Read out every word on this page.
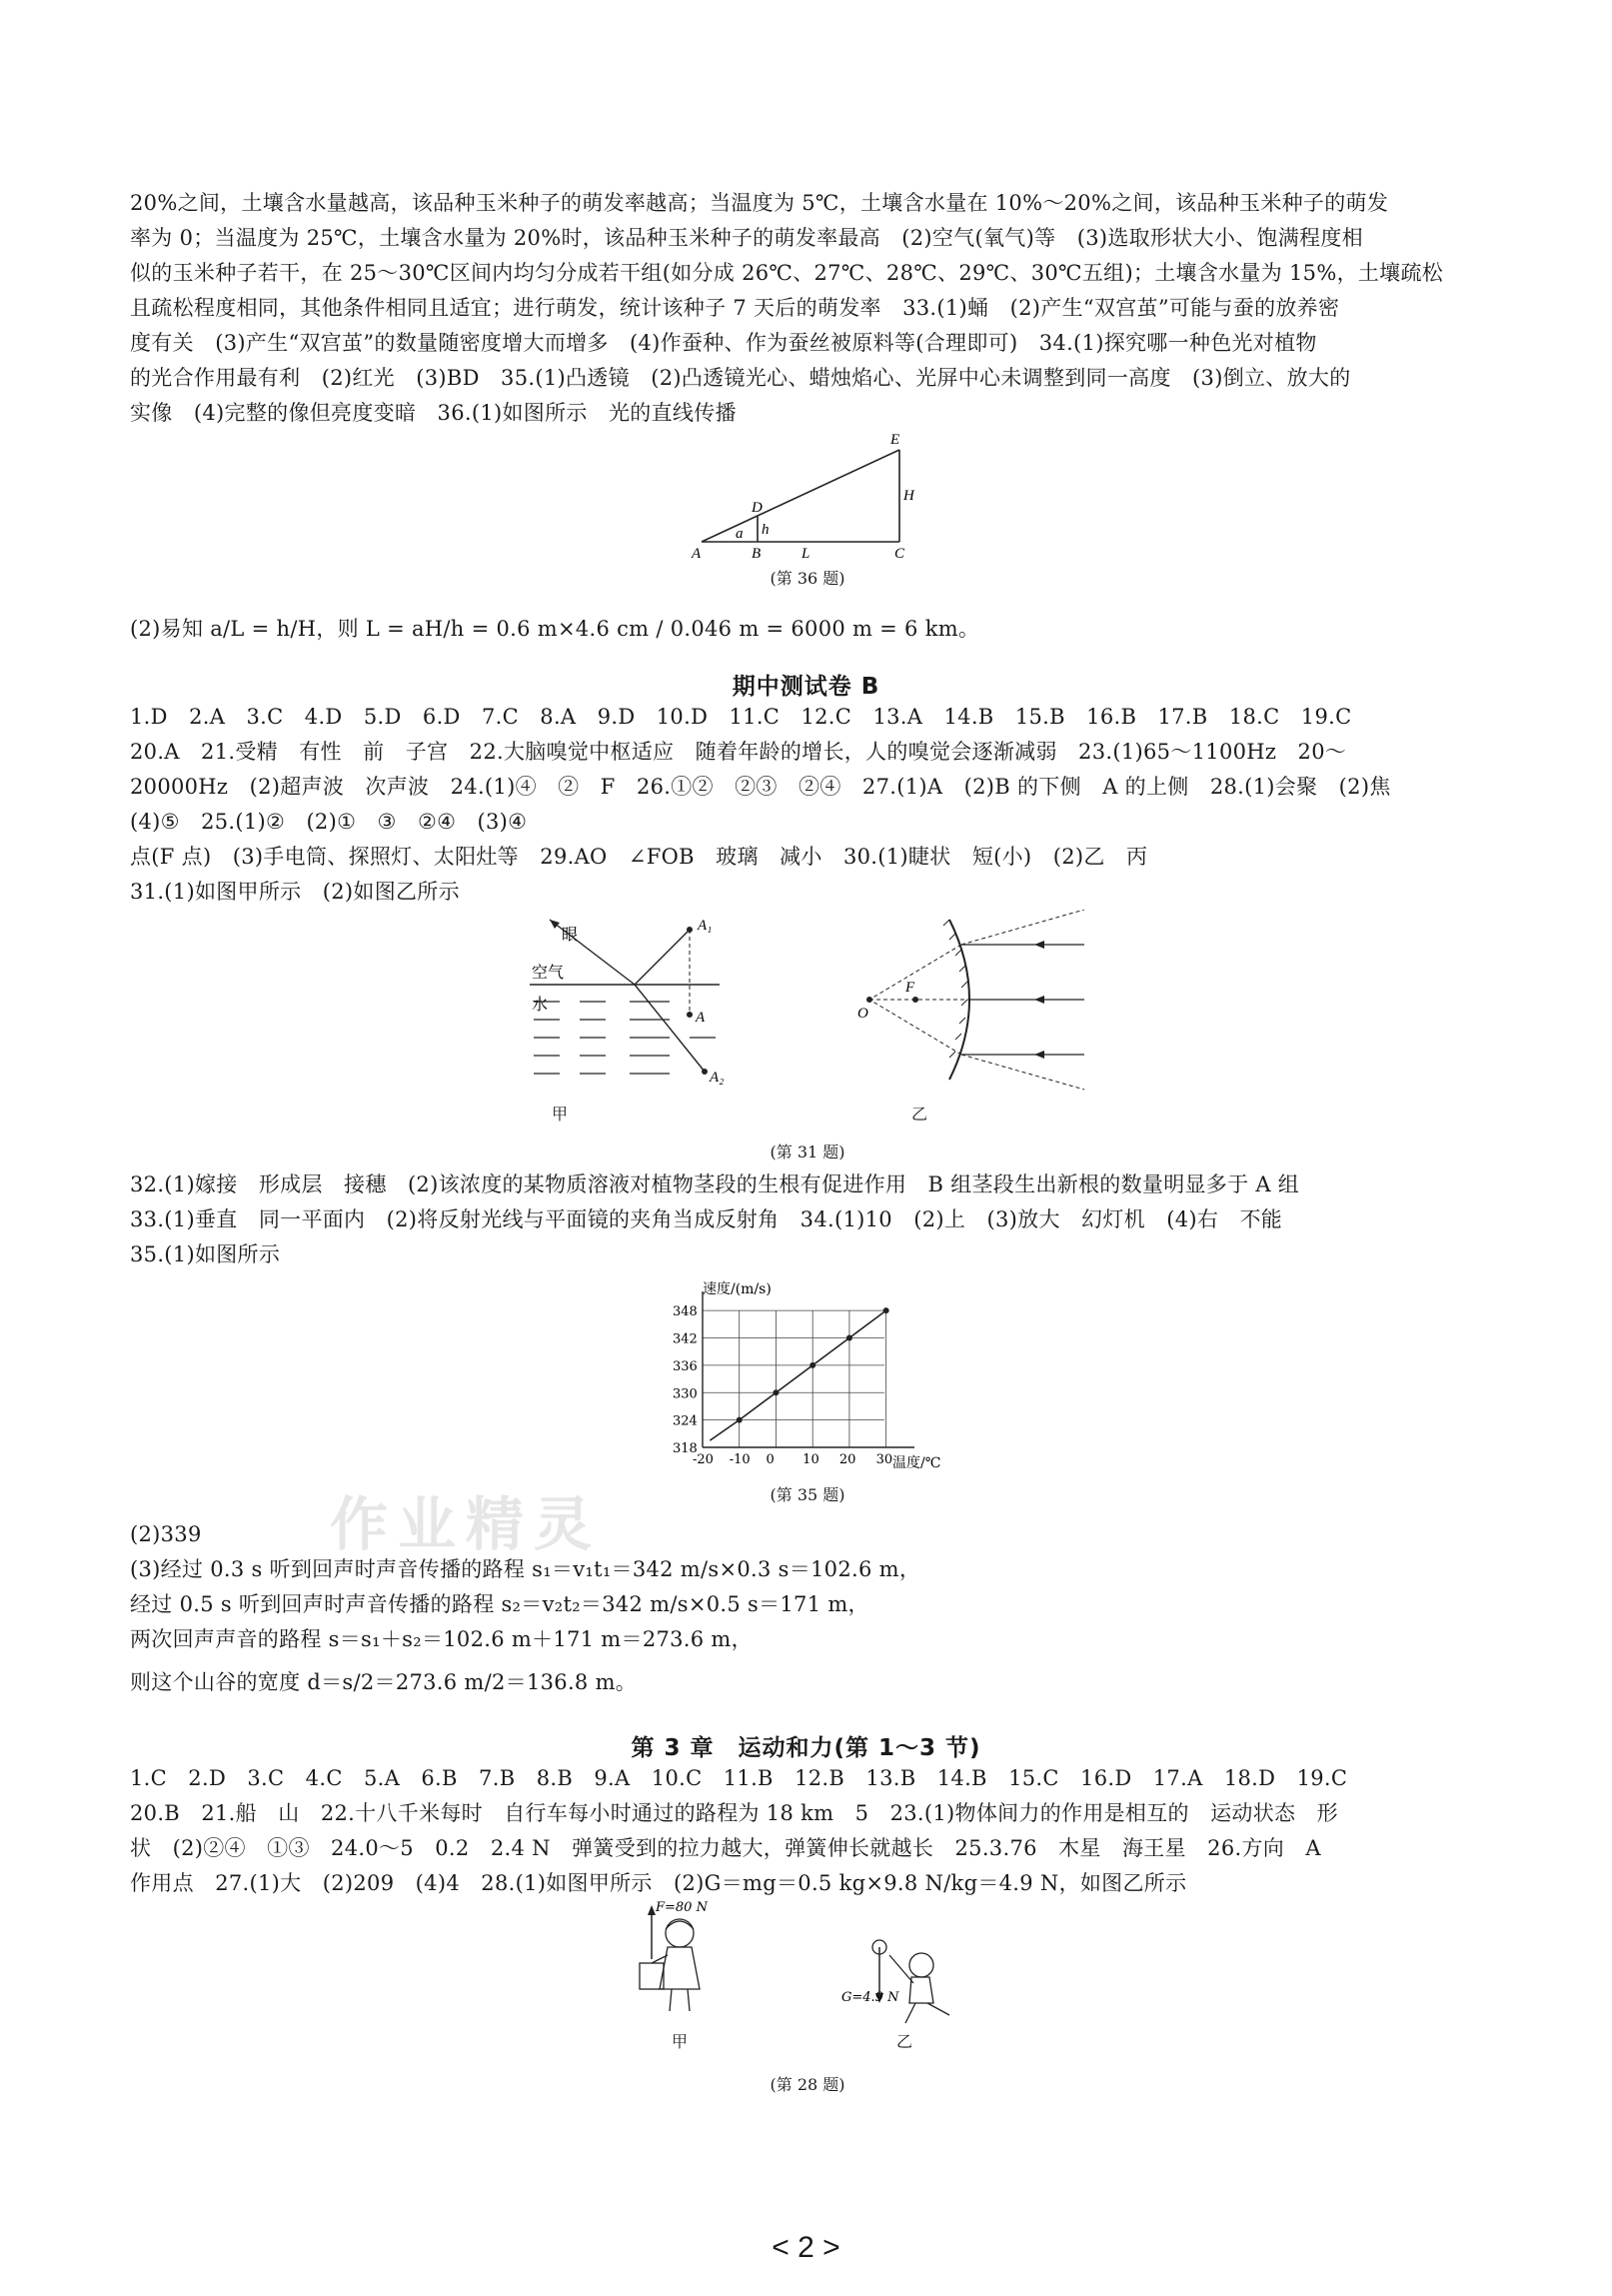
20%之间，土壤含水量越高，该品种玉米种子的萌发率越高；当温度为 5℃，土壤含水量在 10%～20%之间，该品种玉米种子的萌发

率为 0；当温度为 25℃，土壤含水量为 20%时，该品种玉米种子的萌发率最高　(2)空气(氧气)等　(3)选取形状大小、饱满程度相

似的玉米种子若干，在 25～30℃区间内均匀分成若干组(如分成 26℃、27℃、28℃、29℃、30℃五组)；土壤含水量为 15%，土壤疏松

且疏松程度相同，其他条件相同且适宜；进行萌发，统计该种子 7 天后的萌发率　33.(1)蛹　(2)产生“双宫茧”可能与蚕的放养密

度有关　(3)产生“双宫茧”的数量随密度增大而增多　(4)作蚕种、作为蚕丝被原料等(合理即可)　34.(1)探究哪一种色光对植物

的光合作用最有利　(2)红光　(3)BD　35.(1)凸透镜　(2)凸透镜光心、蜡烛焰心、光屏中心未调整到同一高度　(3)倒立、放大的

实像　(4)完整的像但亮度变暗　36.(1)如图所示　光的直线传播

E
H
D
h
a
A	B	L	C
(第 36 题)
(2)易知 a/L = h/H，则 L = aH/h = 0.6 m×4.6 cm / 0.046 m = 6000 m = 6 km。
期中测试卷 B

1.D　2.A　3.C　4.D　5.D　6.D　7.C　8.A　9.D　10.D　11.C　12.C　13.A　14.B　15.B　16.B　17.B　18.C　19.C

20.A　21.受精　有性　前　子宫　22.大脑嗅觉中枢适应　随着年龄的增长，人的嗅觉会逐渐减弱　23.(1)65～1100Hz　20～

20000Hz　(2)超声波　次声波　24.(1)④　②　F　26.①②　②③　②④　27.(1)A　(2)B 的下侧　A 的上侧　28.(1)会聚　(2)焦

(4)⑤　25.(1)②　(2)①　③　②④　(3)④

点(F 点)　(3)手电筒、探照灯、太阳灶等　29.AO　∠FOB　玻璃　减小　30.(1)睫状　短(小)　(2)乙　丙

31.(1)如图甲所示　(2)如图乙所示

眼
空气
水
A₁
A
A₂
甲
F
O
乙
(第 31 题)

32.(1)嫁接　形成层　接穗　(2)该浓度的某物质溶液对植物茎段的生根有促进作用　B 组茎段生出新根的数量明显多于 A 组

33.(1)垂直　同一平面内　(2)将反射光线与平面镜的夹角当成反射角　34.(1)10　(2)上　(3)放大　幻灯机　(4)右　不能

35.(1)如图所示

318
324
330
336
342
348
-20 -10 0 10 20 30
速度/(m/s)
温度/℃
(第 35 题)

(2)339

(3)经过 0.3 s 听到回声时声音传播的路程 s₁＝v₁t₁＝342 m/s×0.3 s＝102.6 m，

经过 0.5 s 听到回声时声音传播的路程 s₂＝v₂t₂＝342 m/s×0.5 s＝171 m，

两次回声声音的路程 s＝s₁＋s₂＝102.6 m＋171 m＝273.6 m，

则这个山谷的宽度 d＝s/2＝273.6 m/2＝136.8 m。

第 3 章　运动和力(第 1～3 节)

1.C　2.D　3.C　4.C　5.A　6.B　7.B　8.B　9.A　10.C　11.B　12.B　13.B　14.B　15.C　16.D　17.A　18.D　19.C

20.B　21.船　山　22.十八千米每时　自行车每小时通过的路程为 18 km　5　23.(1)物体间力的作用是相互的　运动状态　形

状　(2)②④　①③　24.0～5　0.2　2.4 N　弹簧受到的拉力越大，弹簧伸长就越长　25.3.76　木星　海王星　26.方向　A

作用点　27.(1)大　(2)209　(4)4　28.(1)如图甲所示　(2)G＝mg＝0.5 kg×9.8 N/kg＝4.9 N，如图乙所示

F=80 N
甲
G=4.9 N
乙
(第 28 题)
作业精灵
< 2 >
